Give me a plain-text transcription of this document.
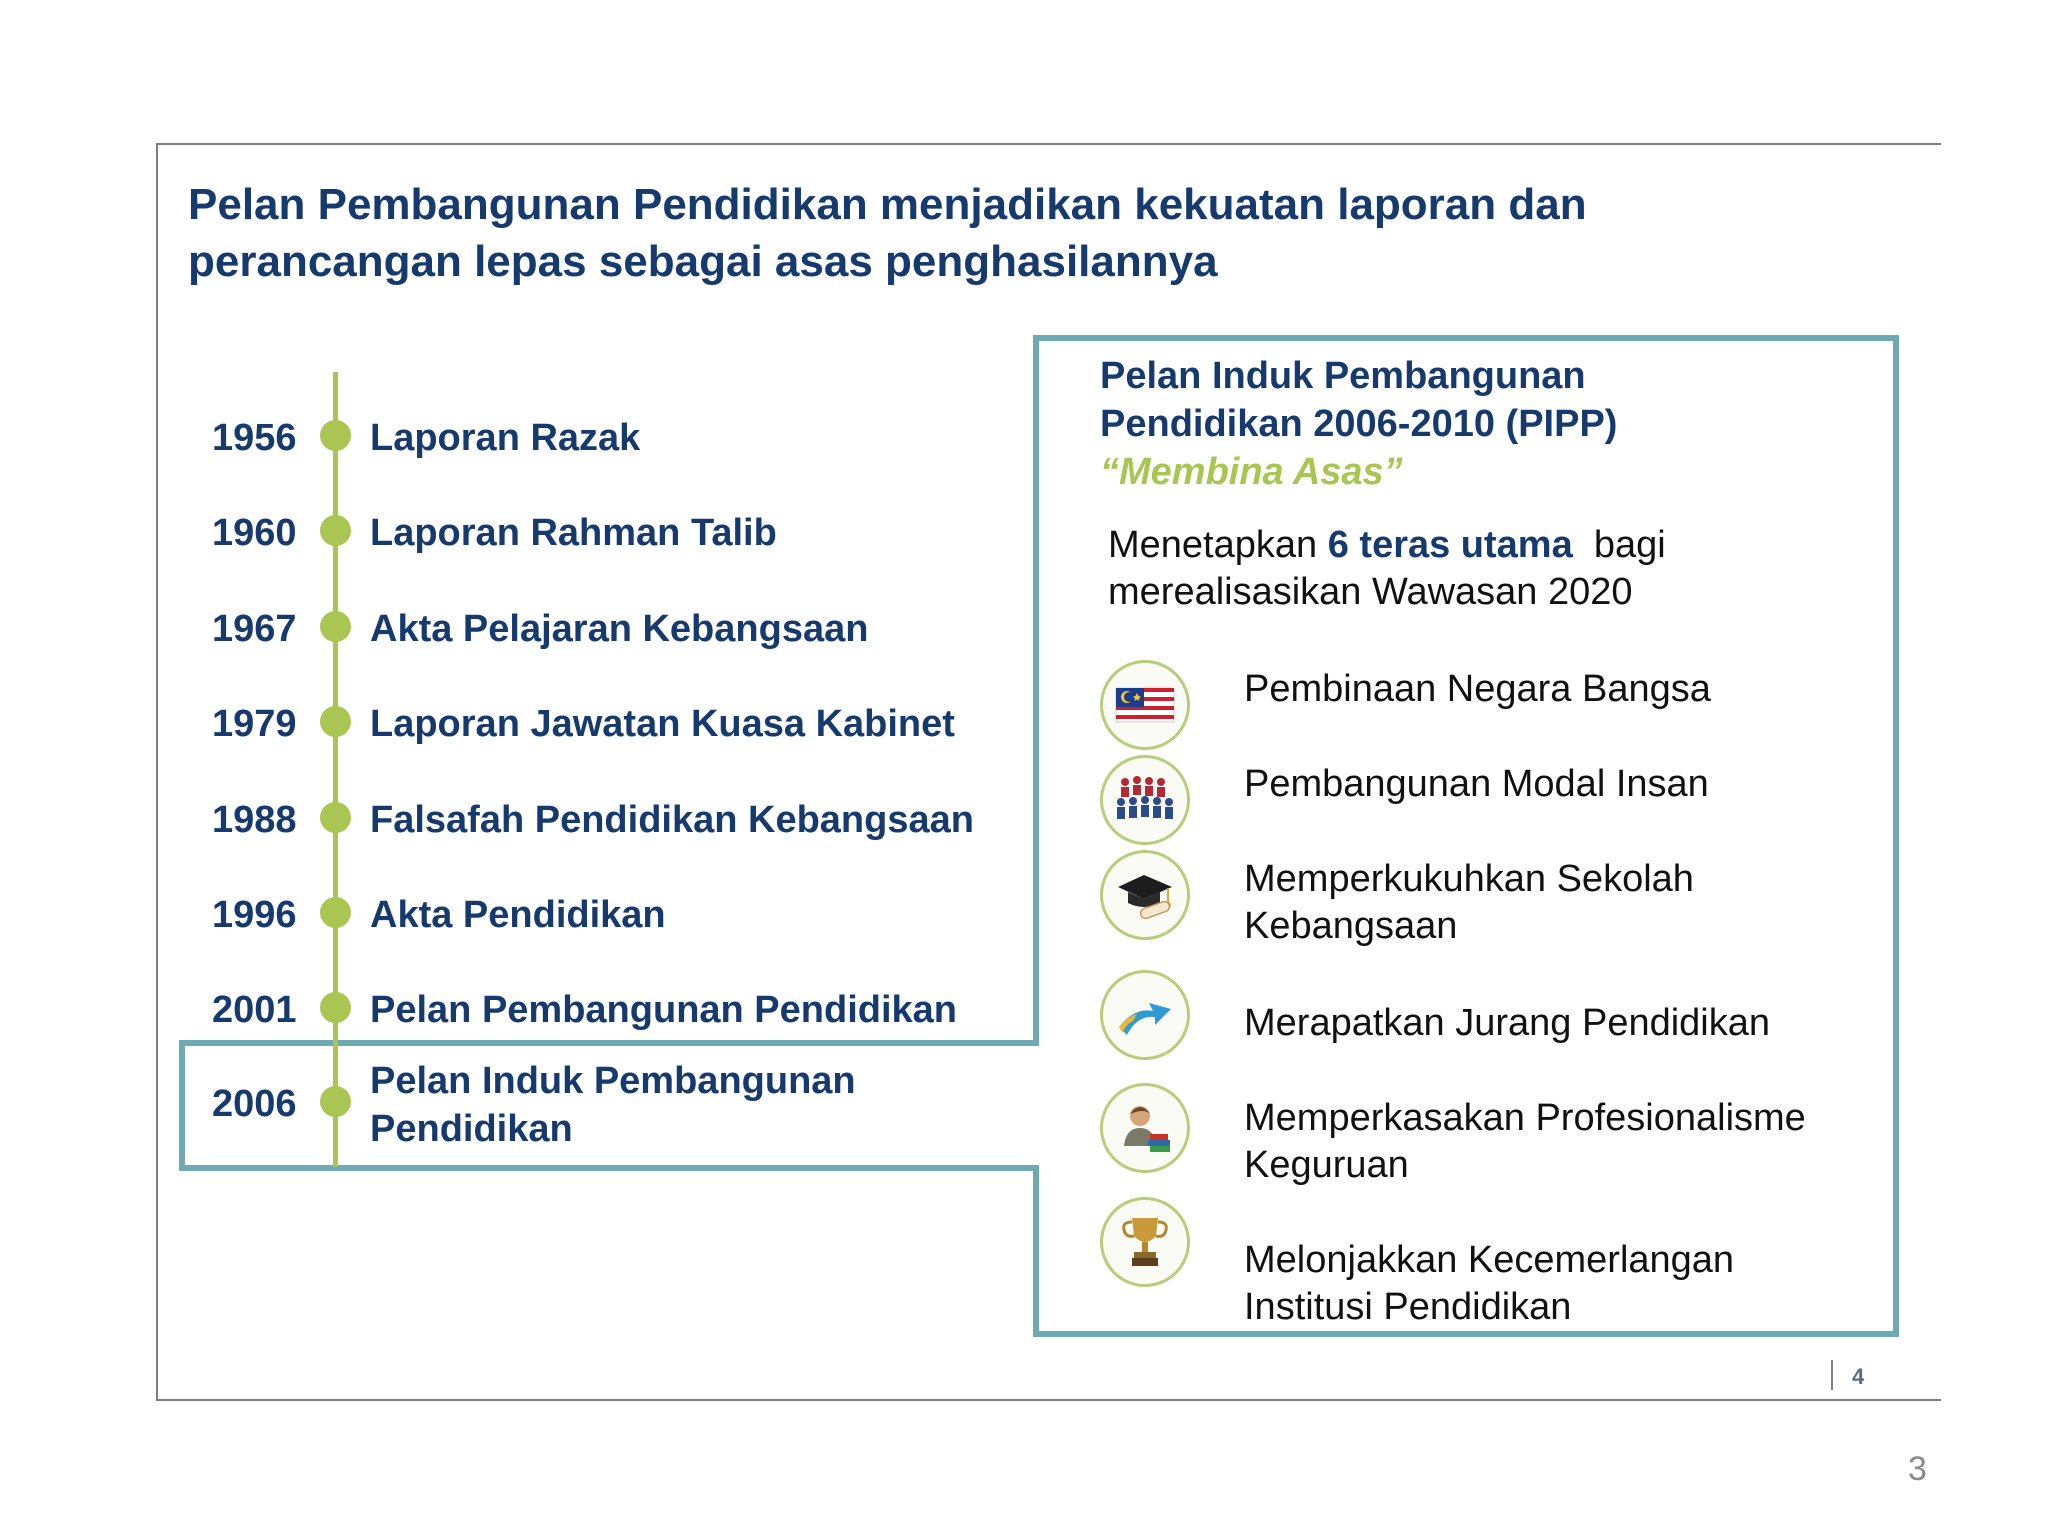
Pelan Pembangunan Pendidikan menjadikan kekuatan laporan dan
perancangan lepas sebagai asas penghasilannya
1956 Laporan Razak
1960 Laporan Rahman Talib
1967 Akta Pelajaran Kebangsaan
1979 Laporan Jawatan Kuasa Kabinet
1988 Falsafah Pendidikan Kebangsaan
1996 Akta Pendidikan
2001 Pelan Pembangunan Pendidikan
2006
Pelan Induk Pembangunan
Pendidikan
Pelan Induk Pembangunan
Pendidikan 2006-2010 (PIPP)
“Membina Asas”
Menetapkan 6 teras utama  bagi
merealisasikan Wawasan 2020
Pembinaan Negara Bangsa
Pembangunan Modal Insan
Memperkukuhkan Sekolah
Kebangsaan
Merapatkan Jurang Pendidikan
Memperkasakan Profesionalisme
Keguruan
Melonjakkan Kecemerlangan
Institusi Pendidikan
4
3
